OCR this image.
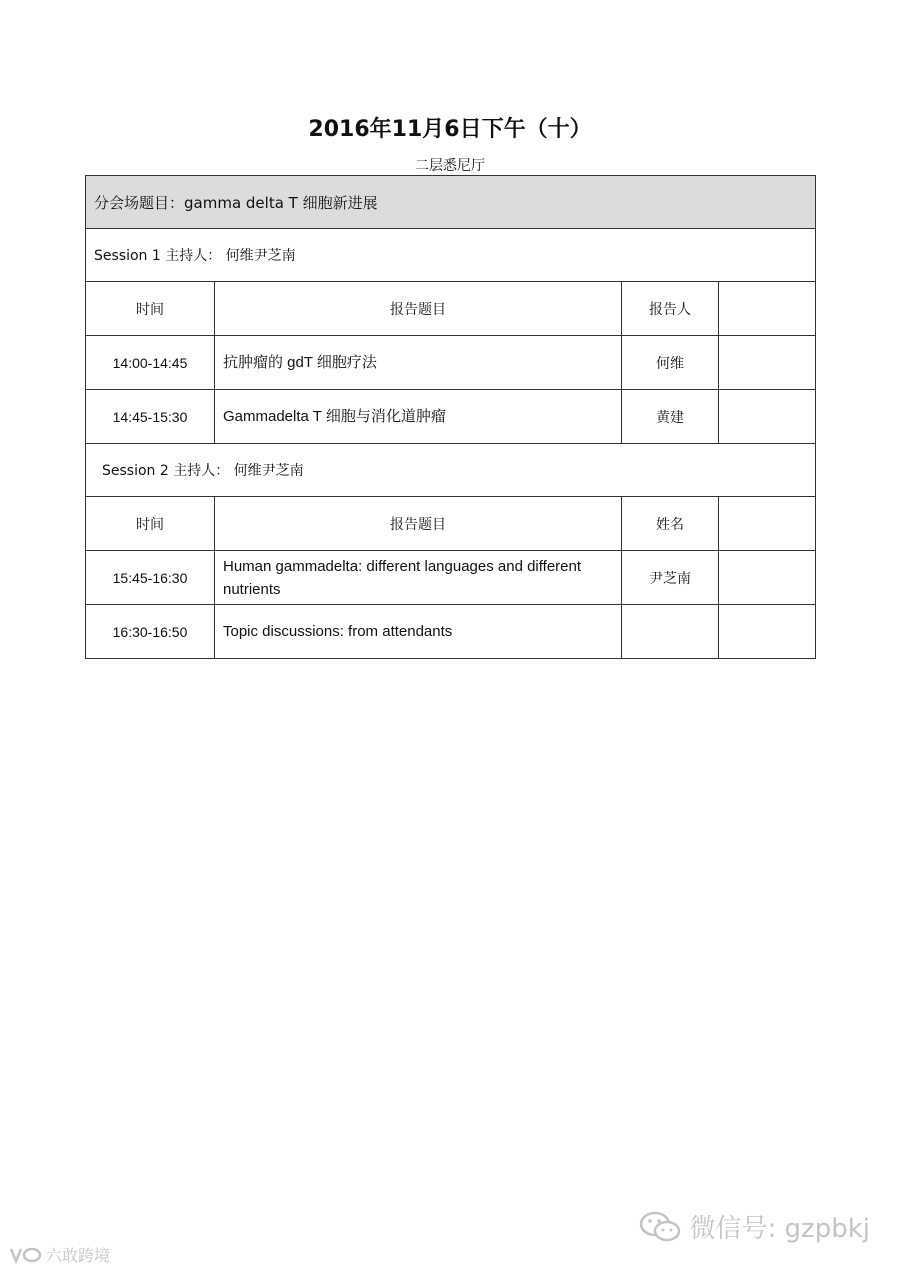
2016年11月6日下午（十）
二层悉尼厅
分会场题目：gamma delta T 细胞新进展			
Session 1 主持人： 何维尹芝南			
时间	报告题目	报告人	
14:00-14:45	抗肿瘤的 gdT 细胞疗法	何维	
14:45-15:30	Gammadelta T 细胞与消化道肿瘤	黄建	
Session 2 主持人： 何维尹芝南			
时间	报告题目	姓名	
15:45-16:30	Human gammadelta: different languages and different nutrients	尹芝南	
16:30-16:50	Topic discussions: from attendants		
微信号: gzpbkj
六敢跨境
